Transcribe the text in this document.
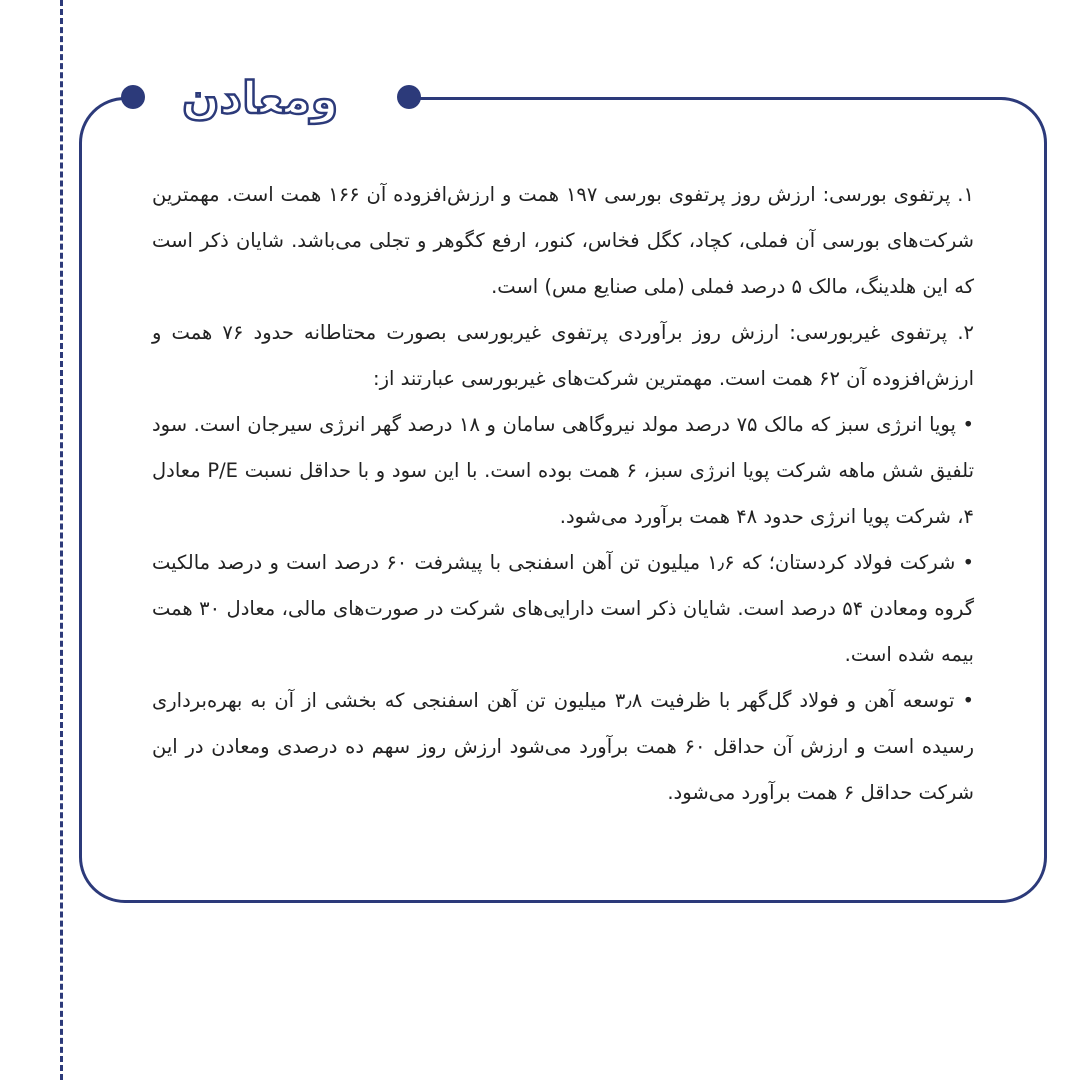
ومعادن

۱. پرتفوی بورسی: ارزش روز پرتفوی بورسی ۱۹۷ همت و ارزش‌افزوده آن ۱۶۶ همت است. مهمترین شرکت‌های بورسی آن فملی، کچاد، کگل فخاس، کنور، ارفع کگوهر و تجلی می‌باشد. شایان ذکر است که این هلدینگ، مالک ۵ درصد فملی (ملی صنایع مس) است.

۲. پرتفوی غیربورسی: ارزش روز برآوردی پرتفوی غیربورسی بصورت محتاطانه حدود ۷۶ همت و ارزش‌افزوده آن ۶۲ همت است. مهمترین شرکت‌های غیربورسی عبارتند از:

• پویا انرژی سبز که مالک ۷۵ درصد مولد نیروگاهی سامان و ۱۸ درصد گهر انرژی سیرجان است. سود تلفیق شش ماهه شرکت پویا انرژی سبز، ۶ همت بوده است. با این سود و با حداقل نسبت P/E معادل ۴، شرکت پویا انرژی حدود ۴۸ همت برآورد می‌شود.

• شرکت فولاد کردستان؛ که ۱٫۶ میلیون تن آهن اسفنجی با پیشرفت ۶۰ درصد است و درصد مالکیت گروه ومعادن ۵۴ درصد است. شایان ذکر است دارایی‌های شرکت در صورت‌های مالی، معادل ۳۰ همت بیمه شده است.

• توسعه آهن و فولاد گل‌گهر با ظرفیت ۳٫۸ میلیون تن آهن اسفنجی که بخشی از آن به بهره‌برداری رسیده است و ارزش آن حداقل ۶۰ همت برآورد می‌شود ارزش روز سهم ده درصدی ومعادن در این شرکت حداقل ۶ همت برآورد می‌شود.
